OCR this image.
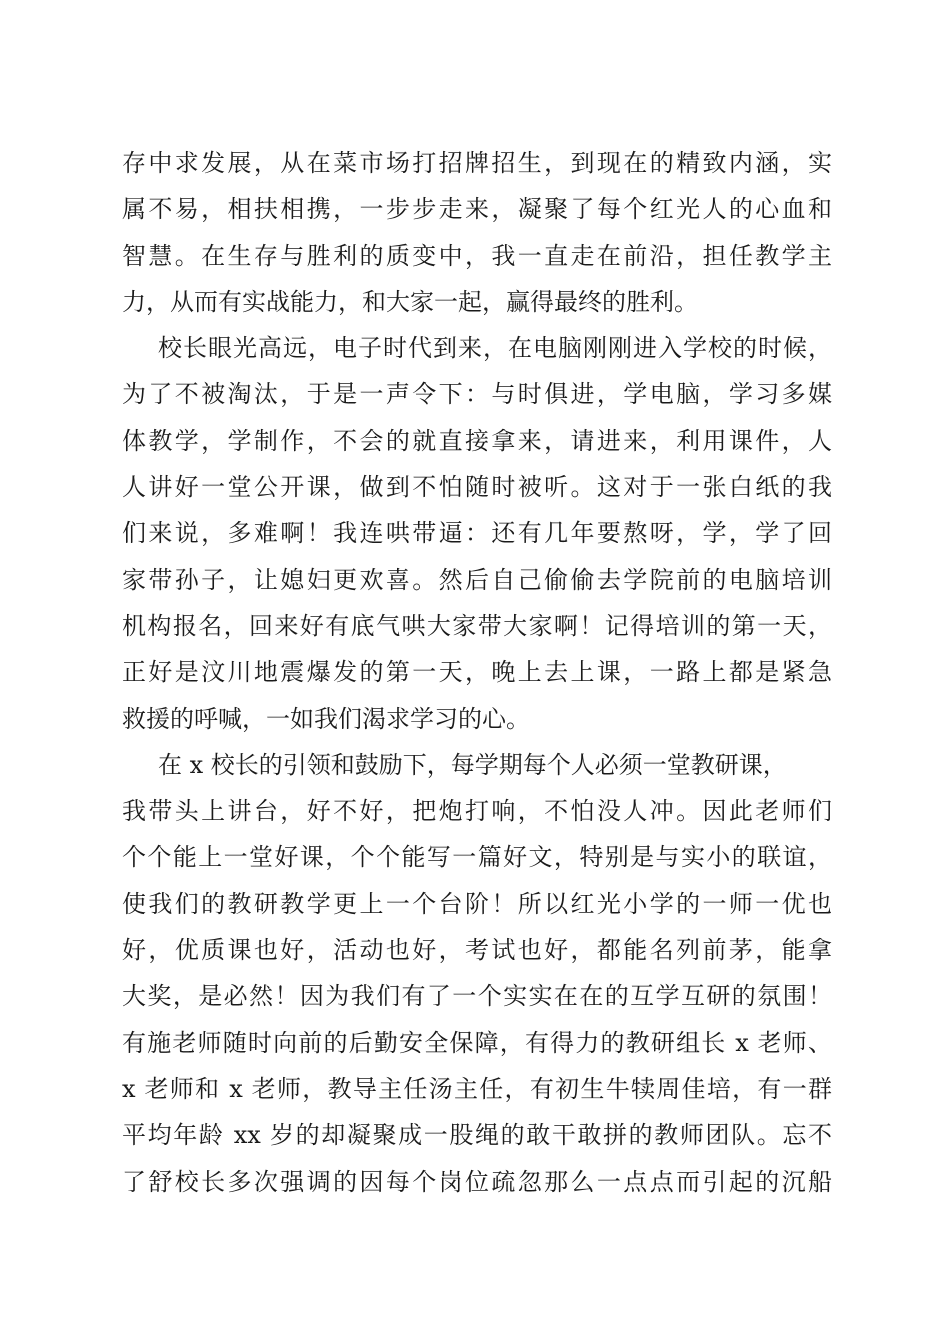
存中求发展，从在菜市场打招牌招生，到现在的精致内涵，实
属不易，相扶相携，一步步走来，凝聚了每个红光人的心血和
智慧。在生存与胜利的质变中，我一直走在前沿，担任教学主
力，从而有实战能力，和大家一起，赢得最终的胜利。
校长眼光高远，电子时代到来，在电脑刚刚进入学校的时候，
为了不被淘汰，于是一声令下：与时俱进，学电脑，学习多媒
体教学，学制作，不会的就直接拿来，请进来，利用课件，人
人讲好一堂公开课，做到不怕随时被听。这对于一张白纸的我
们来说，多难啊！我连哄带逼：还有几年要熬呀，学，学了回
家带孙子，让媳妇更欢喜。然后自己偷偷去学院前的电脑培训
机构报名，回来好有底气哄大家带大家啊！记得培训的第一天，
正好是汶川地震爆发的第一天，晚上去上课，一路上都是紧急
救援的呼喊，一如我们渴求学习的心。
在 x 校长的引领和鼓励下，每学期每个人必须一堂教研课，
我带头上讲台，好不好，把炮打响，不怕没人冲。因此老师们
个个能上一堂好课，个个能写一篇好文，特别是与实小的联谊，
使我们的教研教学更上一个台阶！所以红光小学的一师一优也
好，优质课也好，活动也好，考试也好，都能名列前茅，能拿
大奖，是必然！因为我们有了一个实实在在的互学互研的氛围！
有施老师随时向前的后勤安全保障，有得力的教研组长 x 老师、
x 老师和 x 老师，教导主任汤主任，有初生牛犊周佳培，有一群
平均年龄 xx 岁的却凝聚成一股绳的敢干敢拼的教师团队。忘不
了舒校长多次强调的因每个岗位疏忽那么一点点而引起的沉船
